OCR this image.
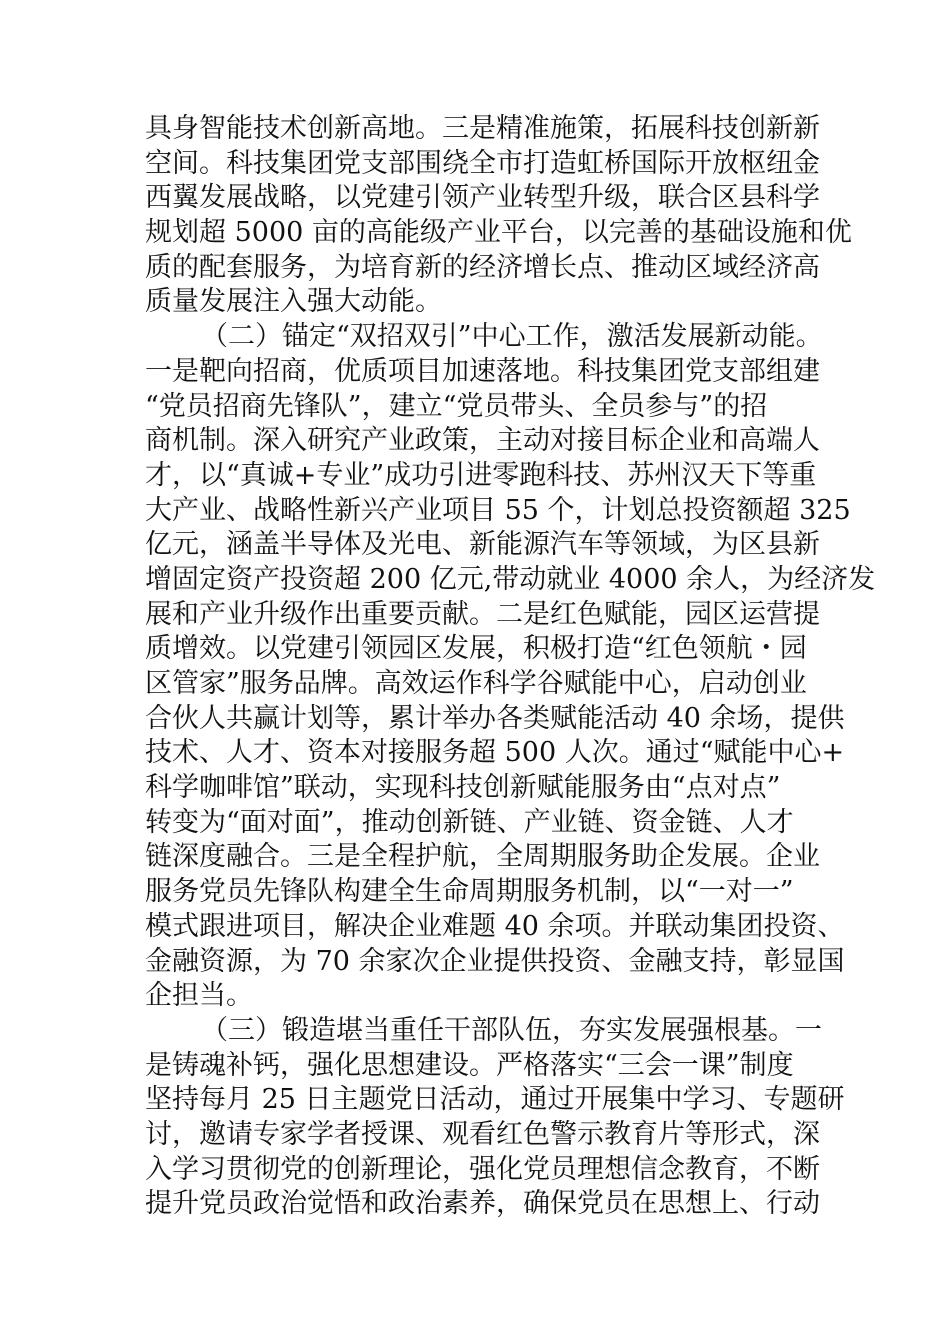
具身智能技术创新高地。三是精准施策，拓展科技创新新
空间。科技集团党支部围绕全市打造虹桥国际开放枢纽金
西翼发展战略，以党建引领产业转型升级，联合区县科学
规划超 5000 亩的高能级产业平台，以完善的基础设施和优
质的配套服务，为培育新的经济增长点、推动区域经济高
质量发展注入强大动能。
（二）锚定“双招双引”中心工作，激活发展新动能。
一是靶向招商，优质项目加速落地。科技集团党支部组建
“党员招商先锋队”，建立“党员带头、全员参与”的招
商机制。深入研究产业政策，主动对接目标企业和高端人
才，以“真诚+专业”成功引进零跑科技、苏州汉天下等重
大产业、战略性新兴产业项目 55 个，计划总投资额超 325
亿元，涵盖半导体及光电、新能源汽车等领域，为区县新
增固定资产投资超 200 亿元,带动就业 4000 余人，为经济发
展和产业升级作出重要贡献。二是红色赋能，园区运营提
质增效。以党建引领园区发展，积极打造“红色领航・园
区管家”服务品牌。高效运作科学谷赋能中心，启动创业
合伙人共赢计划等，累计举办各类赋能活动 40 余场，提供
技术、人才、资本对接服务超 500 人次。通过“赋能中心+
科学咖啡馆”联动，实现科技创新赋能服务由“点对点”
转变为“面对面”，推动创新链、产业链、资金链、人才
链深度融合。三是全程护航，全周期服务助企发展。企业
服务党员先锋队构建全生命周期服务机制，以“一对一”
模式跟进项目，解决企业难题 40 余项。并联动集团投资、
金融资源，为 70 余家次企业提供投资、金融支持，彰显国
企担当。
（三）锻造堪当重任干部队伍，夯实发展强根基。一
是铸魂补钙，强化思想建设。严格落实“三会一课”制度
坚持每月 25 日主题党日活动，通过开展集中学习、专题研
讨，邀请专家学者授课、观看红色警示教育片等形式，深
入学习贯彻党的创新理论，强化党员理想信念教育，不断
提升党员政治觉悟和政治素养，确保党员在思想上、行动
